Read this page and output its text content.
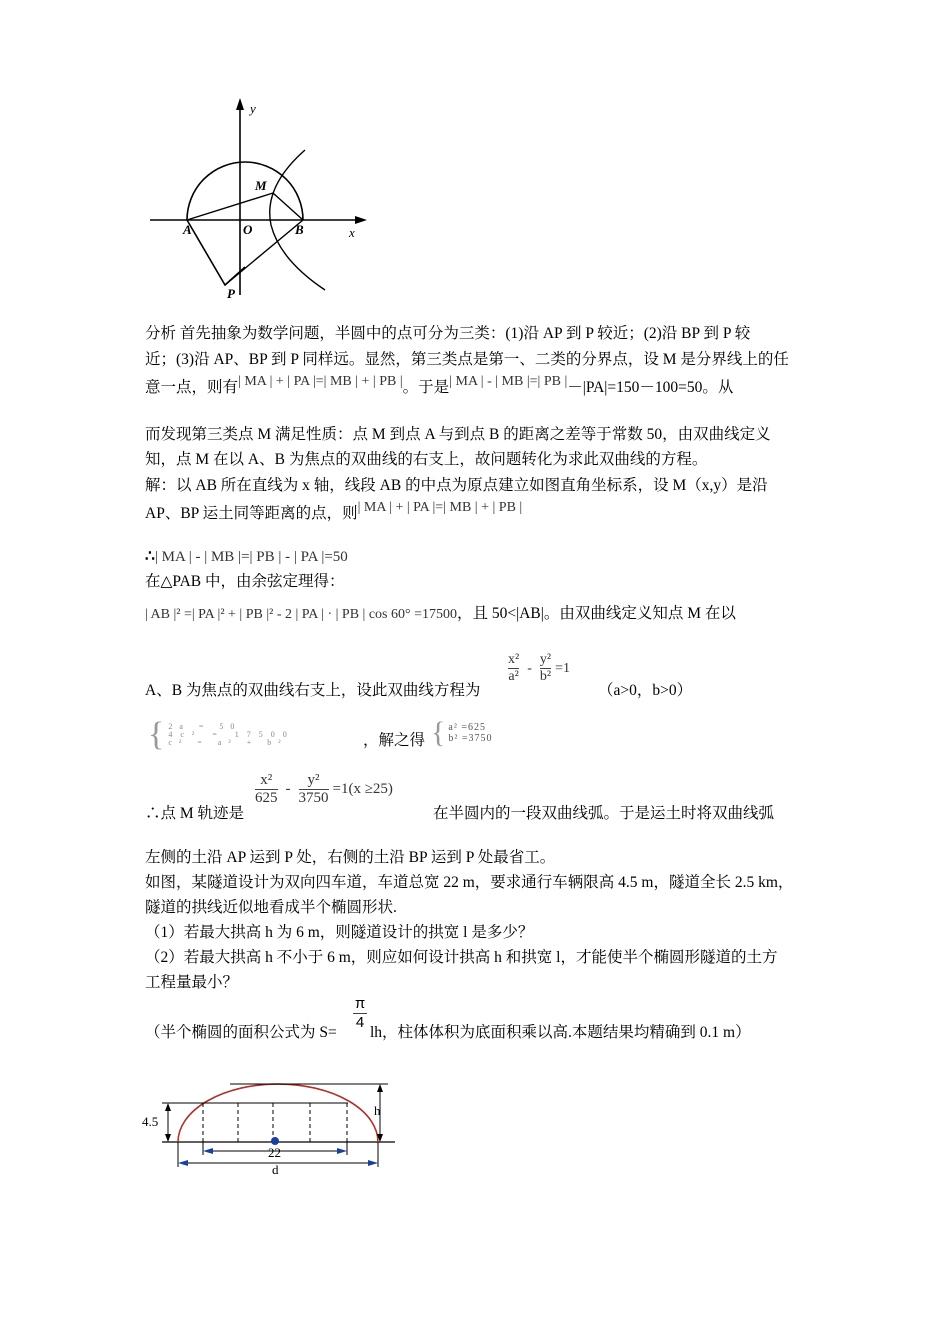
y
x
M
A	O	B
P
分析 首先抽象为数学问题，半圆中的点可分为三类：(1)沿 AP 到 P 较近；(2)沿 BP 到 P 较
近；(3)沿 AP、BP 到 P 同样远。显然，第三类点是第一、二类的分界点，设 M 是分界线上的任
意一点，则有| MA | + | PA |=| MB | + | PB |。于是| MA | - | MB |=| PB |－|PA|=150－100=50。从
而发现第三类点 M 满足性质：点 M 到点 A 与到点 B 的距离之差等于常数 50，由双曲线定义
知，点 M 在以 A、B 为焦点的双曲线的右支上，故问题转化为求此双曲线的方程。
解：以 AB 所在直线为 x 轴，线段 AB 的中点为原点建立如图直角坐标系，设 M（x,y）是沿
AP、BP 运土同等距离的点，则| MA | + | PA |=| MB | + | PB |
∴| MA | - | MB |=| PB | - | PA |=50
在△PAB 中，由余弦定理得：
| AB |² =| PA |² + | PB |² - 2 | PA | · | PB | cos 60° =17500，且 50<|AB|。由双曲线定义知点 M 在以
A、B 为焦点的双曲线右支上，设此双曲线方程为
$\frac{\text{x²}}{\text{a²}} - \frac{\text{y²}}{\text{b²}} =1$
（a>0，b>0）
{ 2a = 50
4c² = 17500
c² = a² + b²	，解之得 { a² =625
b² =3750
∴点 M 轨迹是
$\frac{\text{x²}}{625} - \frac{\text{y²}}{3750} =1(x \ge 25)$
在半圆内的一段双曲线弧。于是运土时将双曲线弧
左侧的土沿 AP 运到 P 处，右侧的土沿 BP 运到 P 处最省工。
如图，某隧道设计为双向四车道，车道总宽 22 m，要求通行车辆限高 4.5 m，隧道全长 2.5 km，
隧道的拱线近似地看成半个椭圆形状.
（1）若最大拱高 h 为 6 m，则隧道设计的拱宽 l 是多少？
（2）若最大拱高 h 不小于 6 m，则应如何设计拱高 h 和拱宽 l，才能使半个椭圆形隧道的土方
工程量最小？
π
4
（半个椭圆的面积公式为 S= lh，柱体体积为底面积乘以高.本题结果均精确到 0.1 m）
4.5
h
22
d
